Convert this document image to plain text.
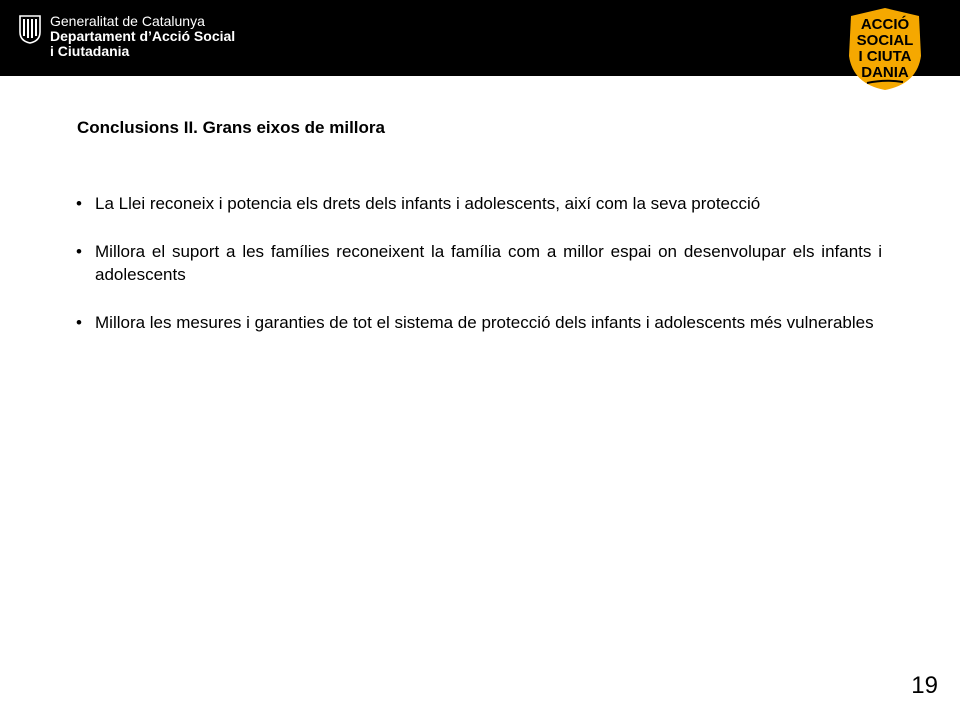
Generalitat de Catalunya
Departament d’Acció Social
i Ciutadania
ACCIÓ
SOCIAL
I CIUTA
DANIA
Conclusions II. Grans eixos de millora
• La Llei reconeix i potencia els drets dels infants i adolescents, així com la seva protecció
• Millora el suport a les famílies reconeixent la família com a millor espai on desenvolupar els infants i adolescents
• Millora les mesures i garanties de tot el sistema de protecció dels infants i adolescents més vulnerables
19
